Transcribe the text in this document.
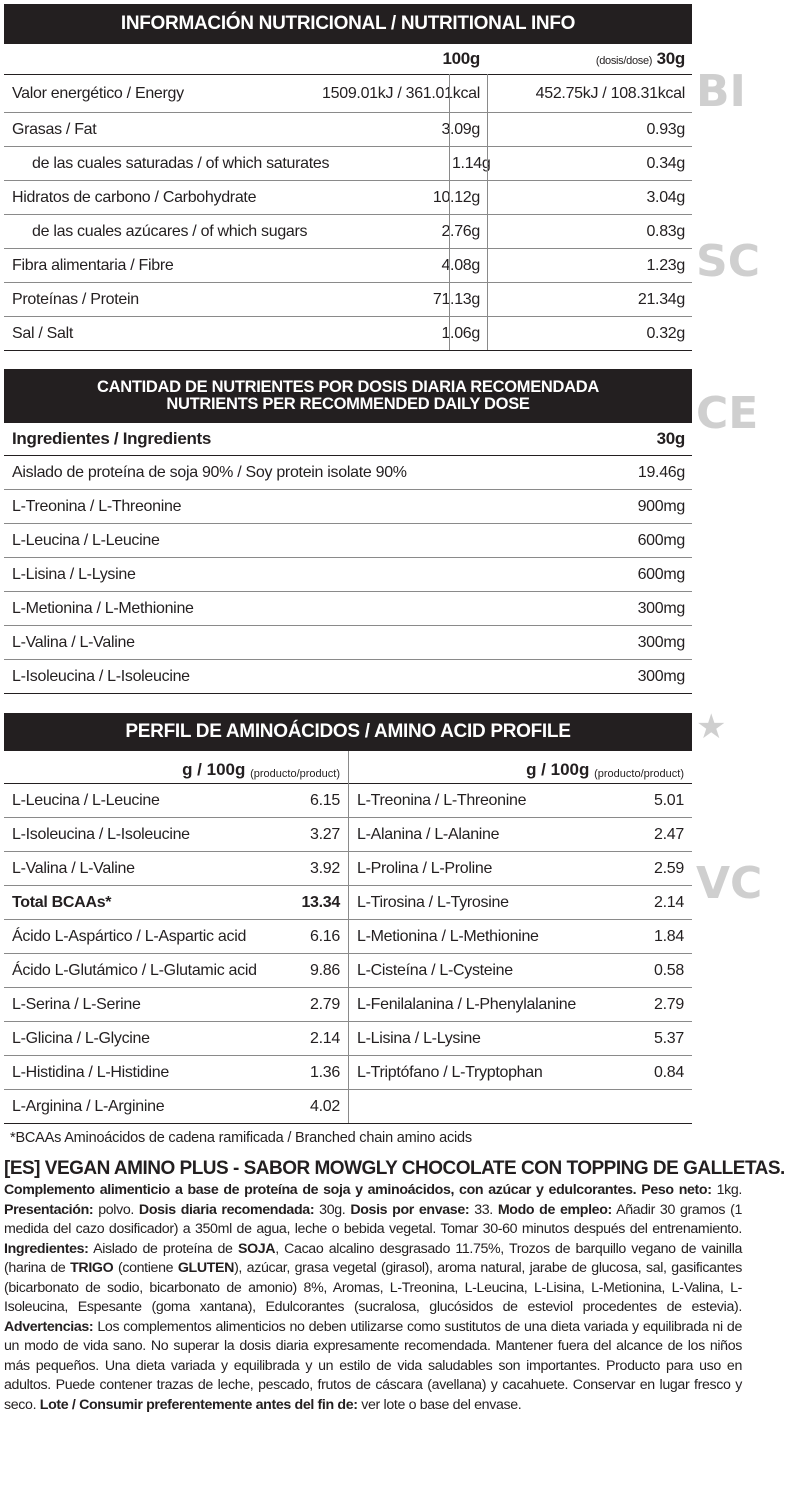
BI
SC
CE
★
VC
INFORMACIÓN NUTRICIONAL / NUTRITIONAL INFO
100g	(dosis/dose) 30g
Valor energético / Energy	1509.01kJ / 361.01kcal	452.75kJ / 108.31kcal
Grasas / Fat	3.09g	0.93g
de las cuales saturadas / of which saturates	1.14g	0.34g
Hidratos de carbono / Carbohydrate	10.12g	3.04g
de las cuales azúcares / of which sugars	2.76g	0.83g
Fibra alimentaria / Fibre	4.08g	1.23g
Proteínas / Protein	71.13g	21.34g
Sal / Salt	1.06g	0.32g
CANTIDAD DE NUTRIENTES POR DOSIS DIARIA RECOMENDADA
NUTRIENTS PER RECOMMENDED DAILY DOSE
Ingredientes / Ingredients	30g
Aislado de proteína de soja 90% / Soy protein isolate 90%	19.46g
L-Treonina / L-Threonine	900mg
L-Leucina / L-Leucine	600mg
L-Lisina / L-Lysine	600mg
L-Metionina / L-Methionine	300mg
L-Valina / L-Valine	300mg
L-Isoleucina / L-Isoleucine	300mg
PERFIL DE AMINOÁCIDOS / AMINO ACID PROFILE
g / 100g
(producto/product)
L-Leucina / L-Leucine	6.15
L-Isoleucina / L-Isoleucine	3.27
L-Valina / L-Valine	3.92
Total BCAAs*	13.34
Ácido L-Aspártico / L-Aspartic acid	6.16
Ácido L-Glutámico / L-Glutamic acid	9.86
L-Serina / L-Serine	2.79
L-Glicina / L-Glycine	2.14
L-Histidina / L-Histidine	1.36
L-Arginina / L-Arginine	4.02
g / 100g
(producto/product)
L-Treonina / L-Threonine	5.01
L-Alanina / L-Alanine	2.47
L-Prolina / L-Proline	2.59
L-Tirosina / L-Tyrosine	2.14
L-Metionina / L-Methionine	1.84
L-Cisteína / L-Cysteine	0.58
L-Fenilalanina / L-Phenylalanine	2.79
L-Lisina / L-Lysine	5.37
L-Triptófano / L-Tryptophan	0.84
*BCAAs Aminoácidos de cadena ramificada / Branched chain amino acids
[ES] VEGAN AMINO PLUS - SABOR MOWGLY CHOCOLATE CON TOPPING DE GALLETAS.
Complemento alimenticio a base de proteína de soja y aminoácidos, con azúcar y edulcorantes. Peso neto: 1kg. Presentación: polvo. Dosis diaria recomendada: 30g. Dosis por envase: 33. Modo de empleo: Añadir 30 gramos (1 medida del cazo dosificador) a 350ml de agua, leche o bebida vegetal. Tomar 30-60 minutos después del entrenamiento. Ingredientes: Aislado de proteína de SOJA, Cacao alcalino desgrasado 11.75%, Trozos de barquillo vegano de vainilla (harina de TRIGO (contiene GLUTEN), azúcar, grasa vegetal (girasol), aroma natural, jarabe de glucosa, sal, gasificantes (bicarbonato de sodio, bicarbonato de amonio) 8%, Aromas, L-Treonina, L-Leucina, L-Lisina, L-Metionina, L-Valina, L-Isoleucina, Espesante (goma xantana), Edulcorantes (sucralosa, glucósidos de esteviol procedentes de estevia). Advertencias: Los complementos alimenticios no deben utilizarse como sustitutos de una dieta variada y equilibrada ni de un modo de vida sano. No superar la dosis diaria expresamente recomendada. Mantener fuera del alcance de los niños más pequeños. Una dieta variada y equilibrada y un estilo de vida saludables son importantes. Producto para uso en adultos. Puede contener trazas de leche, pescado, frutos de cáscara (avellana) y cacahuete. Conservar en lugar fresco y seco. Lote / Consumir preferentemente antes del fin de: ver lote o base del envase.
